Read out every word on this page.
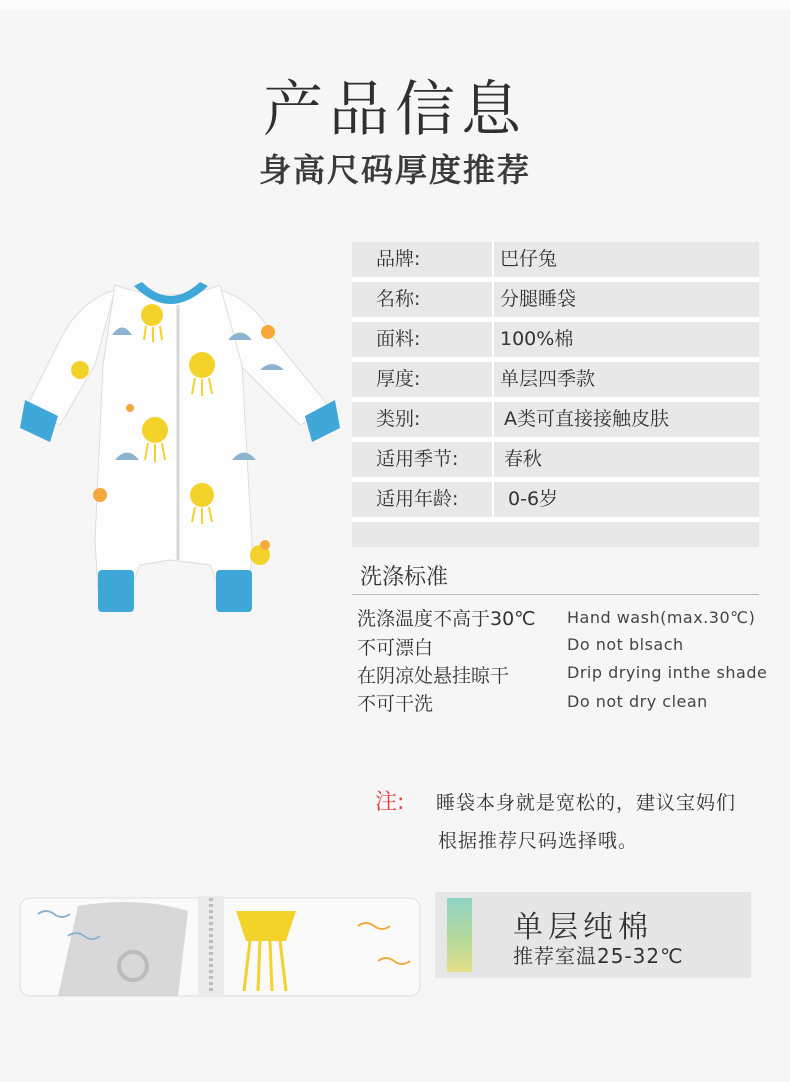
产品信息
身高尺码厚度推荐
品牌:	巴仔兔
名称:	分腿睡袋
面料:	100%棉
厚度:	单层四季款
类别:	A类可直接接触皮肤
适用季节: 春秋
适用年龄:	0-6岁
洗涤标准
洗涤温度不高于30℃ Hand wash(max.30℃)
不可漂白	Do not blsach
在阴凉处悬挂晾干	Drip drying inthe shade
不可干洗	Do not dry clean
注: 睡袋本身就是宽松的，建议宝妈们
根据推荐尺码选择哦。
单层纯棉
推荐室温25-32℃
